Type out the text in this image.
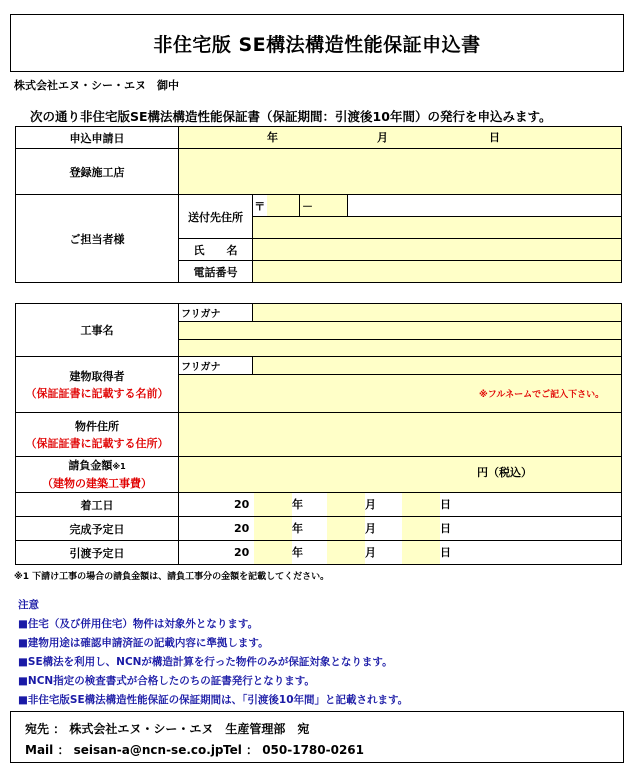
非住宅版 SE構法構造性能保証申込書
株式会社エヌ・シー・エヌ　御中
次の通り非住宅版SE構法構造性能保証書（保証期間：引渡後10年間）の発行を申込みます。
申込申請日	年 月 日				

登録施工店					
ご担当者様	送付先住所	〒		－	

	氏　　名				
	電話番号				
工事名	フリガナ	

建物取得者
（保証証書に記載する名前）	フリガナ	

	※フルネームでご記入下さい。	

物件住所
（保証証書に記載する住所）		

請負金額※1
（建物の建築工事費）	円（税込）	

着工日	20 年 月 日	

完成予定日	20 年 月 日	

引渡予定日	20 年 月 日	
※1 下請け工事の場合の請負金額は、請負工事分の金額を記載してください。
注意
■住宅（及び併用住宅）物件は対象外となります。
■建物用途は確認申請済証の記載内容に準拠します。
■SE構法を利用し、NCNが構造計算を行った物件のみが保証対象となります。
■NCN指定の検査書式が合格したのちの証書発行となります。
■非住宅版SE構法構造性能保証の保証期間は、「引渡後10年間」と記載されます。
宛先 ： 株式会社エヌ・シー・エヌ　生産管理部　宛
Mail ： seisan-a@ncn-se.co.jp Tel ： 050-1780-0261
